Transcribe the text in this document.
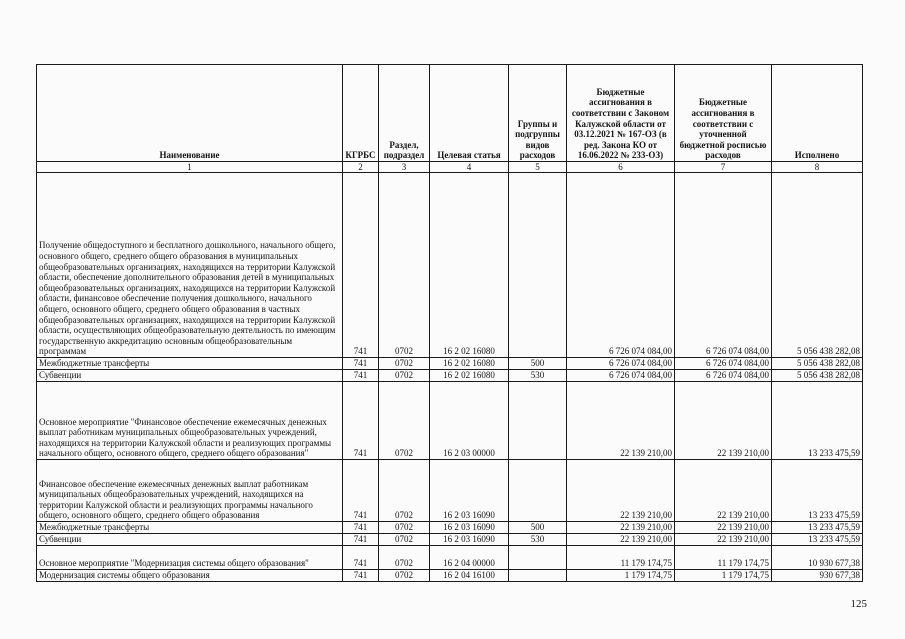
Наименование	КГРБС	Раздел, подраздел	Целевая статья	Группы и подгруппы видов расходов	Бюджетные ассигнования в соответствии с Законом Калужской области от 03.12.2021 № 167-ОЗ (в ред. Закона КО от 16.06.2022 № 233-ОЗ)	Бюджетные ассигнования в соответствии с уточненной бюджетной росписью расходов	Исполнено
1	2	3	4	5	6	7	8
Получение общедоступного и бесплатного дошкольного, начального общего, основного общего, среднего общего образования в муниципальных общеобразовательных организациях, находящихся на территории Калужской области, обеспечение дополнительного образования детей в муниципальных общеобразовательных организациях, находящихся на территории Калужской области, финансовое обеспечение получения дошкольного, начального общего, основного общего, среднего общего образования в частных общеобразовательных организациях, находящихся на территории Калужской области, осуществляющих общеобразовательную деятельность по имеющим государственную аккредитацию основным общеобразовательным программам	741	0702	16 2 02 16080		6 726 074 084,00	6 726 074 084,00	5 056 438 282,08
Межбюджетные трансферты	741	0702	16 2 02 16080	500	6 726 074 084,00	6 726 074 084,00	5 056 438 282,08
Субвенции	741	0702	16 2 02 16080	530	6 726 074 084,00	6 726 074 084,00	5 056 438 282,08
Основное мероприятие "Финансовое обеспечение ежемесячных денежных выплат работникам муниципальных общеобразовательных учреждений, находящихся на территории Калужской области и реализующих программы начального общего, основного общего, среднего общего образования"	741	0702	16 2 03 00000		22 139 210,00	22 139 210,00	13 233 475,59
Финансовое обеспечение ежемесячных денежных выплат работникам муниципальных общеобразовательных учреждений, находящихся на территории Калужской области и реализующих программы начального общего, основного общего, среднего общего образования	741	0702	16 2 03 16090		22 139 210,00	22 139 210,00	13 233 475,59
Межбюджетные трансферты	741	0702	16 2 03 16090	500	22 139 210,00	22 139 210,00	13 233 475,59
Субвенции	741	0702	16 2 03 16090	530	22 139 210,00	22 139 210,00	13 233 475,59
Основное мероприятие "Модернизация системы общего образования"	741	0702	16 2 04 00000		11 179 174,75	11 179 174,75	10 930 677,38
Модернизация системы общего образования	741	0702	16 2 04 16100		1 179 174,75	1 179 174,75	930 677,38
125
